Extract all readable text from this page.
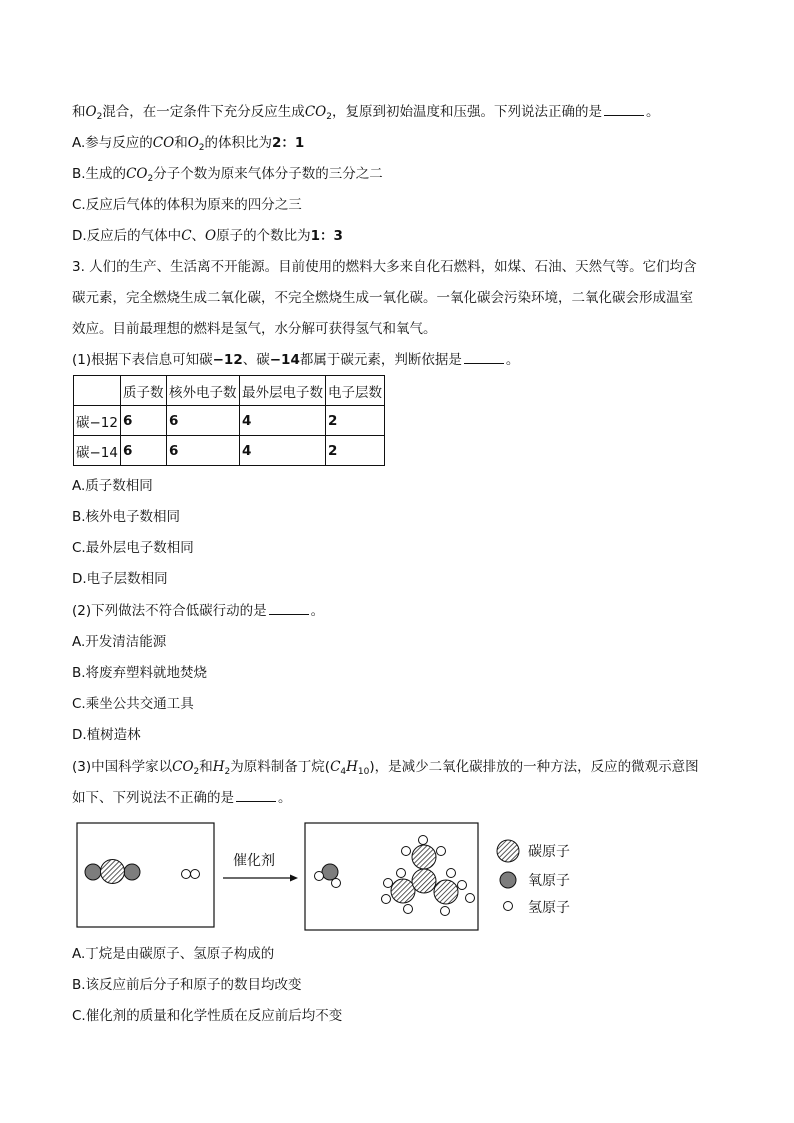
和$O_2$混合，在一定条件下充分反应生成$CO_2$，复原到初始温度和压强。下列说法正确的是	。
A.参与反应的CO和$O_2$的体积比为2：1
B.生成的$CO_2$分子个数为原来气体分子数的三分之二
C.反应后气体的体积为原来的四分之三
D.反应后的气体中C、O原子的个数比为1：3
3. 人们的生产、生活离不开能源。目前使用的燃料大多来自化石燃料，如煤、石油、天然气等。它们均含
碳元素，完全燃烧生成二氧化碳，不完全燃烧生成一氧化碳。一氧化碳会污染环境，二氧化碳会形成温室
效应。目前最理想的燃料是氢气，水分解可获得氢气和氧气。
(1)根据下表信息可知碳−12、碳−14都属于碳元素，判断依据是	。
	质子数	核外电子数	最外层电子数	电子层数
碳−12	6	6	4	2
碳−14	6	6	4	2
A.质子数相同
B.核外电子数相同
C.最外层电子数相同
D.电子层数相同
(2)下列做法不符合低碳行动的是	。
A.开发清洁能源
B.将废弃塑料就地焚烧
C.乘坐公共交通工具
D.植树造林
(3)中国科学家以$CO_2$和$H_2$为原料制备丁烷$(C_4H_{10})$，是减少二氧化碳排放的一种方法，反应的微观示意图
如下、下列说法不正确的是	。
催化剂
碳原子
氧原子
氢原子
A.丁烷是由碳原子、氢原子构成的
B.该反应前后分子和原子的数目均改变
C.催化剂的质量和化学性质在反应前后均不变
